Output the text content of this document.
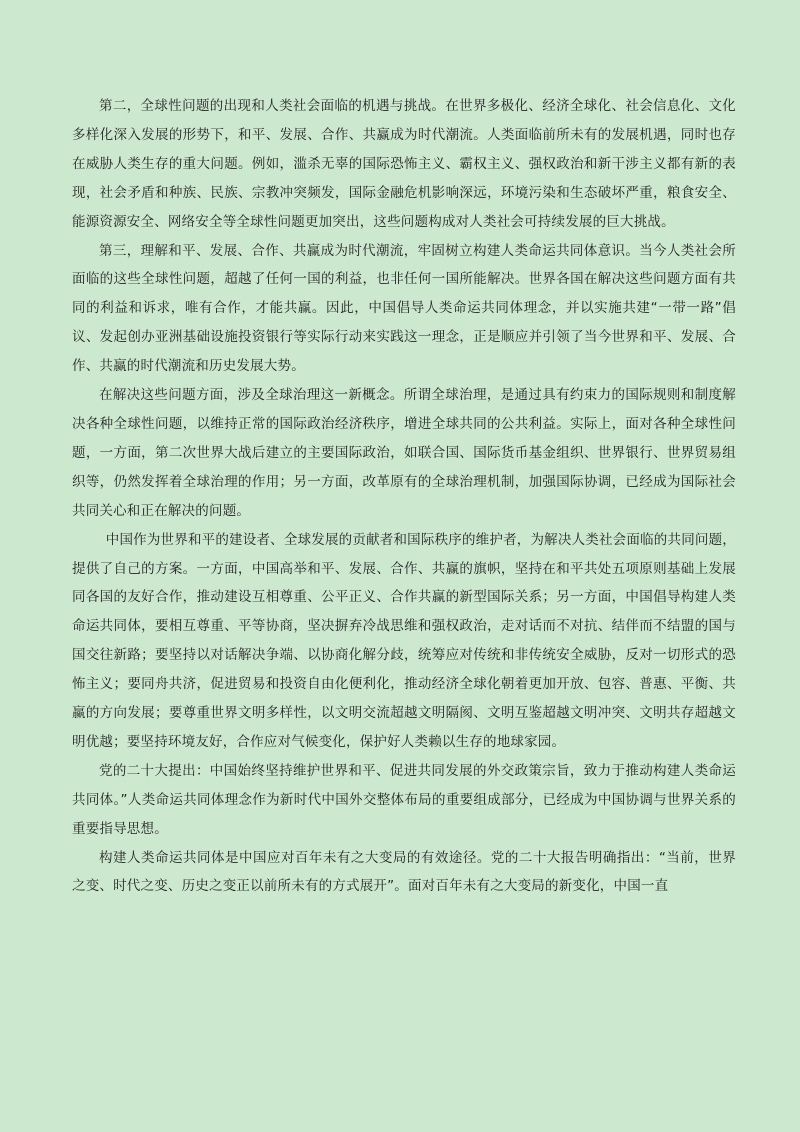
第二，全球性问题的出现和人类社会面临的机遇与挑战。在世界多极化、经济全球化、社会信息化、文化多样化深入发展的形势下，和平、发展、合作、共赢成为时代潮流。人类面临前所未有的发展机遇，同时也存在威胁人类生存的重大问题。例如，滥杀无辜的国际恐怖主义、霸权主义、强权政治和新干涉主义都有新的表现，社会矛盾和种族、民族、宗教冲突频发，国际金融危机影响深远，环境污染和生态破坏严重，粮食安全、能源资源安全、网络安全等全球性问题更加突出，这些问题构成对人类社会可持续发展的巨大挑战。

第三，理解和平、发展、合作、共赢成为时代潮流，牢固树立构建人类命运共同体意识。当今人类社会所面临的这些全球性问题，超越了任何一国的利益，也非任何一国所能解决。世界各国在解决这些问题方面有共同的利益和诉求，唯有合作，才能共赢。因此，中国倡导人类命运共同体理念，并以实施共建“一带一路”倡议、发起创办亚洲基础设施投资银行等实际行动来实践这一理念，正是顺应并引领了当今世界和平、发展、合作、共赢的时代潮流和历史发展大势。

在解决这些问题方面，涉及全球治理这一新概念。所谓全球治理，是通过具有约束力的国际规则和制度解决各种全球性问题，以维持正常的国际政治经济秩序，增进全球共同的公共利益。实际上，面对各种全球性问题，一方面，第二次世界大战后建立的主要国际政治，如联合国、国际货币基金组织、世界银行、世界贸易组织等，仍然发挥着全球治理的作用；另一方面，改革原有的全球治理机制，加强国际协调，已经成为国际社会共同关心和正在解决的问题。

中国作为世界和平的建设者、全球发展的贡献者和国际秩序的维护者，为解决人类社会面临的共同问题，提供了自己的方案。一方面，中国高举和平、发展、合作、共赢的旗帜，坚持在和平共处五项原则基础上发展同各国的友好合作，推动建设互相尊重、公平正义、合作共赢的新型国际关系；另一方面，中国倡导构建人类命运共同体，要相互尊重、平等协商，坚决摒弃冷战思维和强权政治，走对话而不对抗、结伴而不结盟的国与国交往新路；要坚持以对话解决争端、以协商化解分歧，统筹应对传统和非传统安全威胁，反对一切形式的恐怖主义；要同舟共济，促进贸易和投资自由化便利化，推动经济全球化朝着更加开放、包容、普惠、平衡、共赢的方向发展；要尊重世界文明多样性，以文明交流超越文明隔阂、文明互鉴超越文明冲突、文明共存超越文明优越；要坚持环境友好，合作应对气候变化，保护好人类赖以生存的地球家园。

党的二十大提出：中国始终坚持维护世界和平、促进共同发展的外交政策宗旨，致力于推动构建人类命运共同体。”人类命运共同体理念作为新时代中国外交整体布局的重要组成部分，已经成为中国协调与世界关系的重要指导思想。

构建人类命运共同体是中国应对百年未有之大变局的有效途径。党的二十大报告明确指出：“当前，世界之变、时代之变、历史之变正以前所未有的方式展开”。面对百年未有之大变局的新变化，中国一直
